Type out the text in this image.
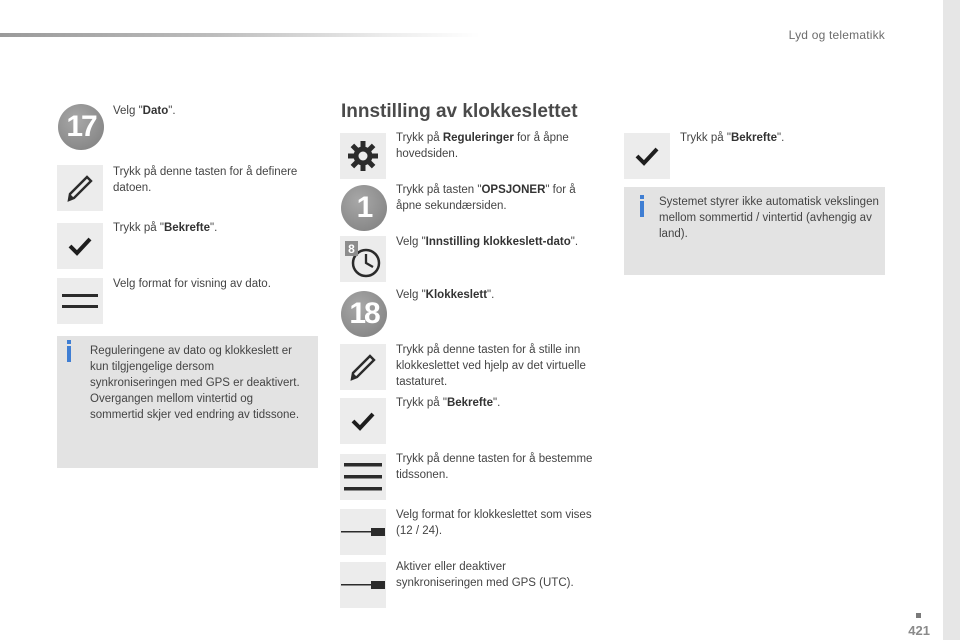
Lyd og telematikk
17	Velg "Dato".
Trykk på denne tasten for å definere datoen.
Trykk på "Bekrefte".
Velg format for visning av dato.
Reguleringene av dato og klokkeslett er kun tilgjengelige dersom synkroniseringen med GPS er deaktivert. Overgangen mellom vintertid og sommertid skjer ved endring av tidssone.
Innstilling av klokkeslettet
Trykk på Reguleringer for å åpne hovedsiden.
1
Trykk på tasten "OPSJONER" for å åpne sekundærsiden.
8	Velg "Innstilling klokkeslett-dato".
18
Velg "Klokkeslett".
Trykk på denne tasten for å stille inn klokkeslettet ved hjelp av det virtuelle tastaturet.
Trykk på "Bekrefte".
Trykk på denne tasten for å bestemme tidssonen.
Velg format for klokkeslettet som vises (12 / 24).
Aktiver eller deaktiver synkroniseringen med GPS (UTC).
Trykk på "Bekrefte".
Systemet styrer ikke automatisk vekslingen mellom sommertid / vintertid (avhengig av land).
421
